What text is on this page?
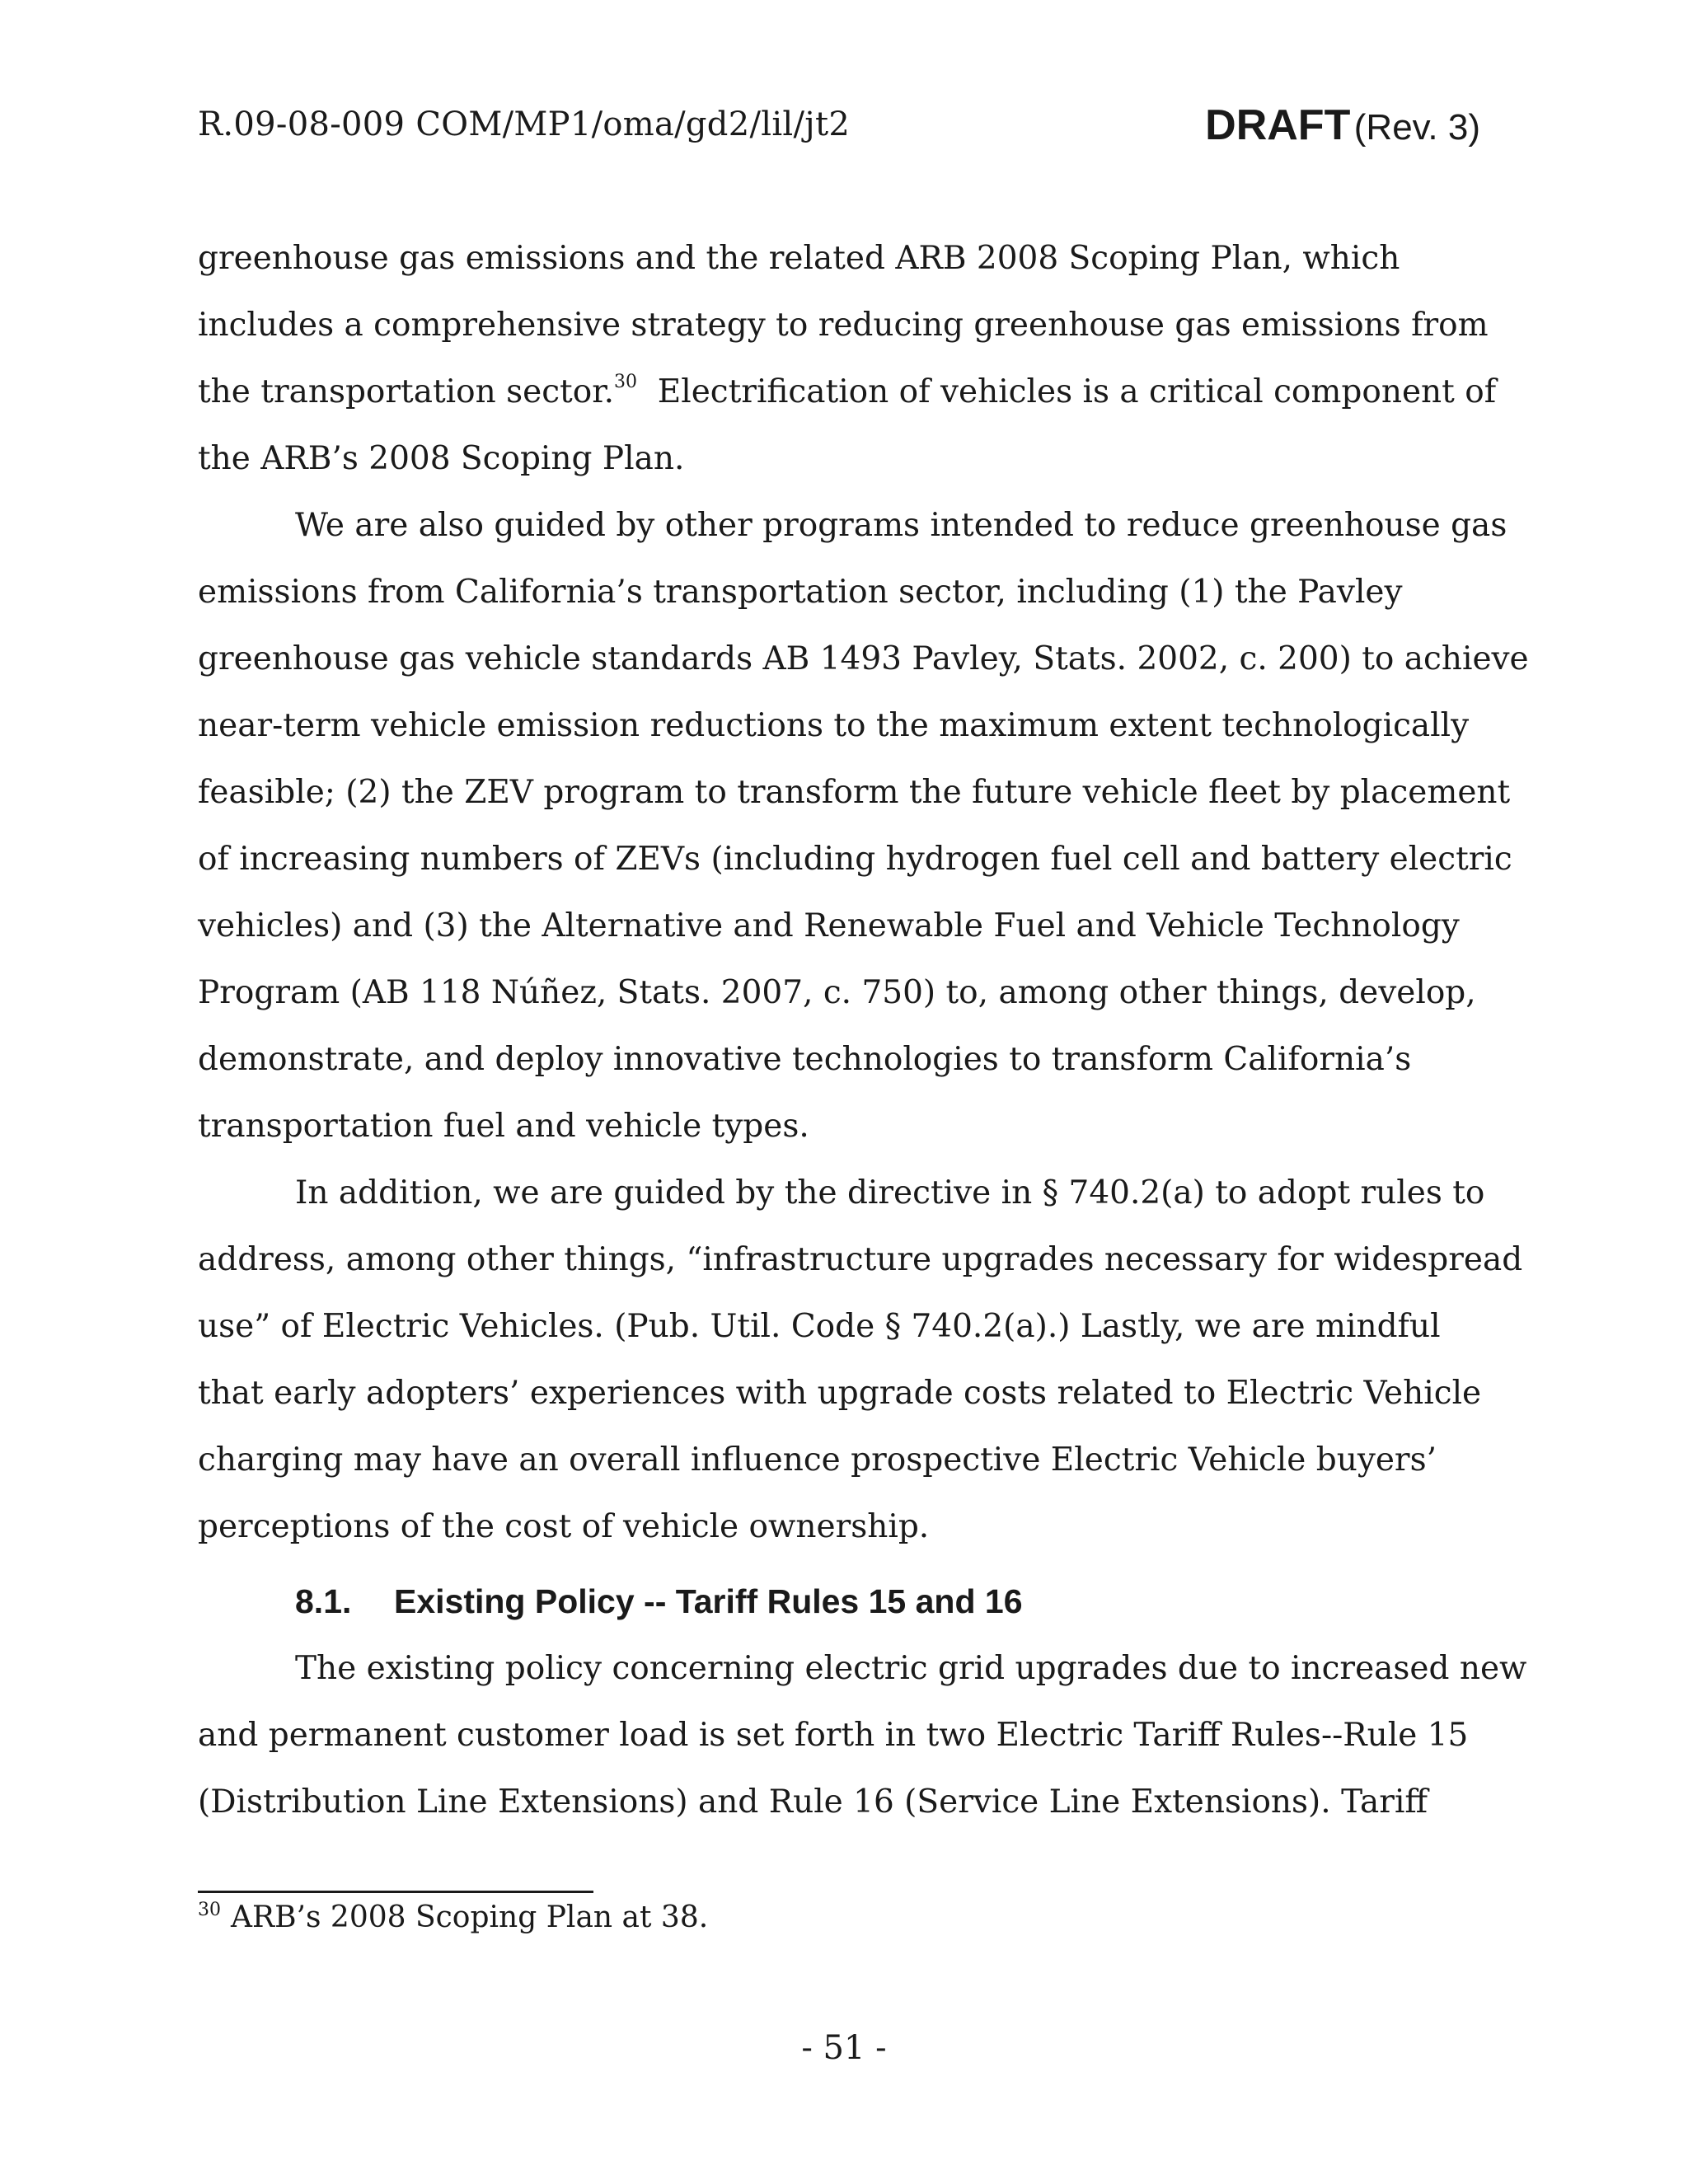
R.09-08-009 COM/MP1/oma/gd2/lil/jt2	DRAFT (Rev. 3)
greenhouse gas emissions and the related ARB 2008 Scoping Plan, which
includes a comprehensive strategy to reducing greenhouse gas emissions from
the transportation sector.$^{30}$  Electrification of vehicles is a critical component of
the ARB’s 2008 Scoping Plan.
We are also guided by other programs intended to reduce greenhouse gas
emissions from California’s transportation sector, including (1) the Pavley
greenhouse gas vehicle standards AB 1493 Pavley, Stats. 2002, c. 200) to achieve
near-term vehicle emission reductions to the maximum extent technologically
feasible; (2) the ZEV program to transform the future vehicle fleet by placement
of increasing numbers of ZEVs (including hydrogen fuel cell and battery electric
vehicles) and (3) the Alternative and Renewable Fuel and Vehicle Technology
Program (AB 118 Núñez, Stats. 2007, c. 750) to, among other things, develop,
demonstrate, and deploy innovative technologies to transform California’s
transportation fuel and vehicle types.
In addition, we are guided by the directive in § 740.2(a) to adopt rules to
address, among other things, “infrastructure upgrades necessary for widespread
use” of Electric Vehicles. (Pub. Util. Code § 740.2(a).) Lastly, we are mindful
that early adopters’ experiences with upgrade costs related to Electric Vehicle
charging may have an overall influence prospective Electric Vehicle buyers’
perceptions of the cost of vehicle ownership.
8.1. Existing Policy -- Tariff Rules 15 and 16
The existing policy concerning electric grid upgrades due to increased new
and permanent customer load is set forth in two Electric Tariff Rules--Rule 15
(Distribution Line Extensions) and Rule 16 (Service Line Extensions). Tariff
$^{30}$ ARB’s 2008 Scoping Plan at 38.
- 51 -
